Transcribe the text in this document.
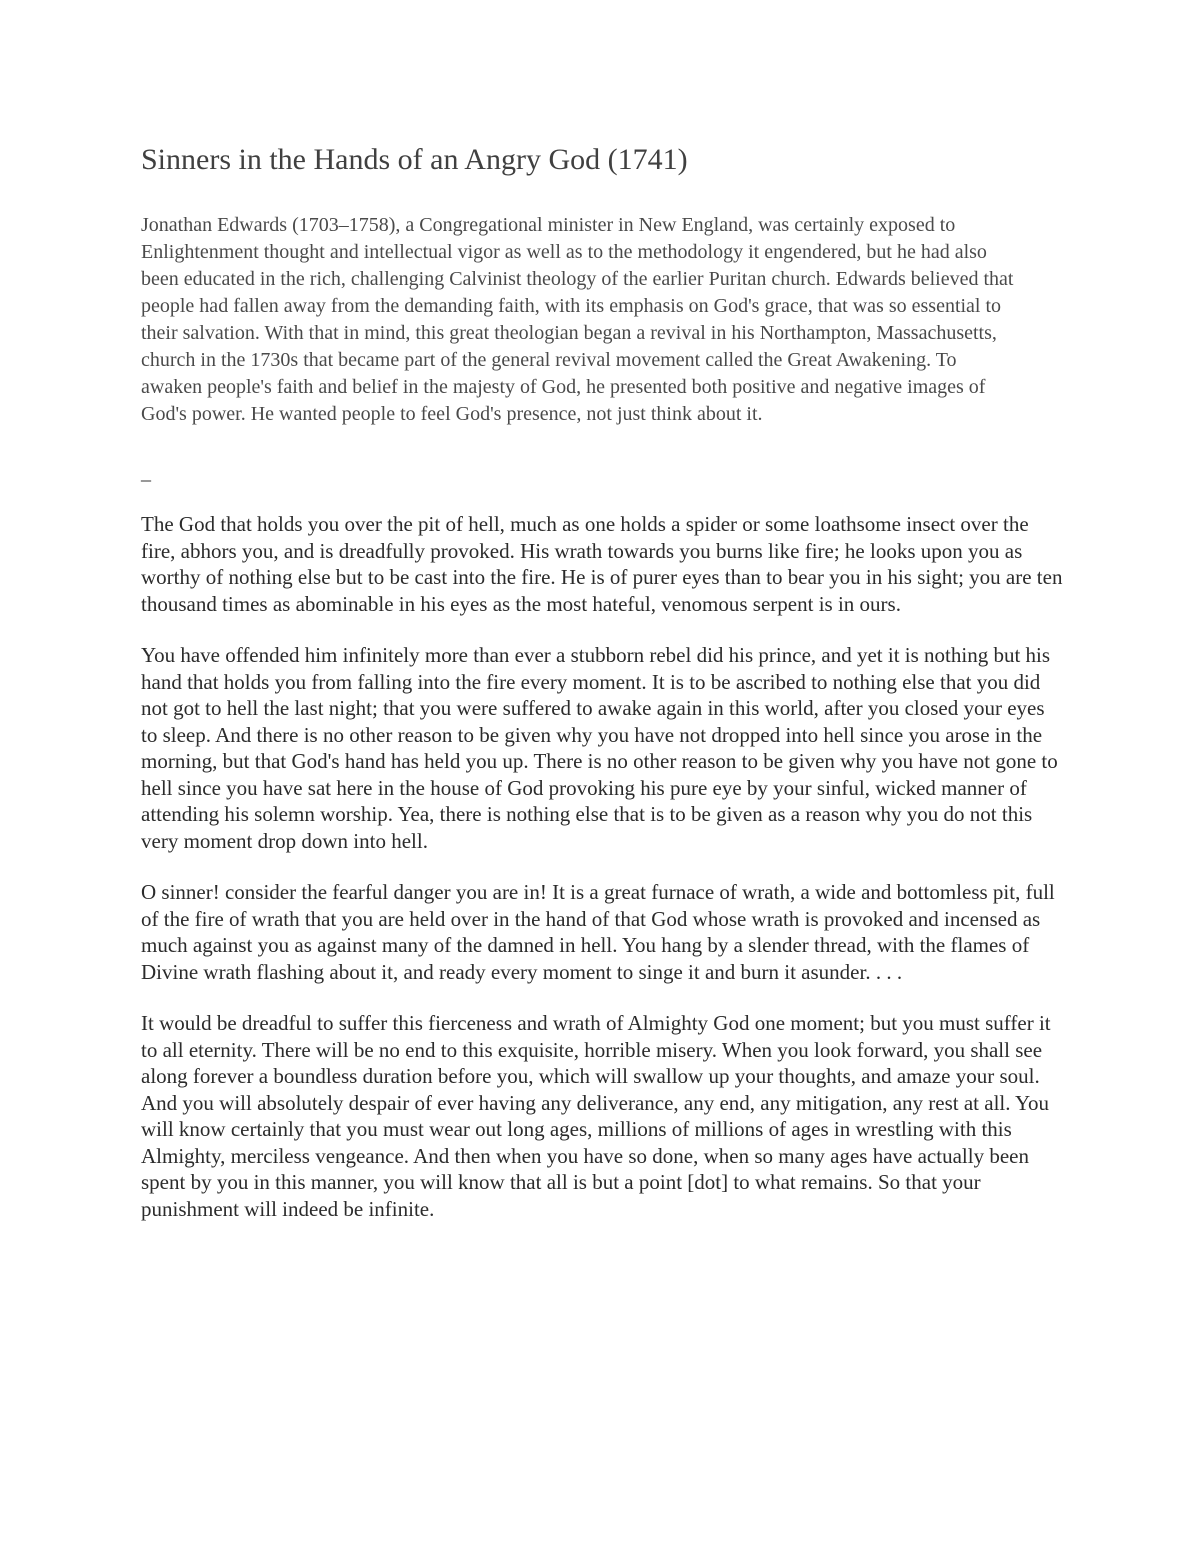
Sinners in the Hands of an Angry God (1741)

Jonathan Edwards (1703–1758), a Congregational minister in New England, was certainly exposed to Enlightenment thought and intellectual vigor as well as to the methodology it engendered, but he had also been educated in the rich, challenging Calvinist theology of the earlier Puritan church. Edwards believed that people had fallen away from the demanding faith, with its emphasis on God's grace, that was so essential to their salvation. With that in mind, this great theologian began a revival in his Northampton, Massachusetts, church in the 1730s that became part of the general revival movement called the Great Awakening. To awaken people's faith and belief in the majesty of God, he presented both positive and negative images of God's power. He wanted people to feel God's presence, not just think about it.

_

The God that holds you over the pit of hell, much as one holds a spider or some loathsome insect over the fire, abhors you, and is dreadfully provoked. His wrath towards you burns like fire; he looks upon you as worthy of nothing else but to be cast into the fire. He is of purer eyes than to bear you in his sight; you are ten thousand times as abominable in his eyes as the most hateful, venomous serpent is in ours.

You have offended him infinitely more than ever a stubborn rebel did his prince, and yet it is nothing but his hand that holds you from falling into the fire every moment. It is to be ascribed to nothing else that you did not got to hell the last night; that you were suffered to awake again in this world, after you closed your eyes to sleep. And there is no other reason to be given why you have not dropped into hell since you arose in the morning, but that God's hand has held you up. There is no other reason to be given why you have not gone to hell since you have sat here in the house of God provoking his pure eye by your sinful, wicked manner of attending his solemn worship. Yea, there is nothing else that is to be given as a reason why you do not this very moment drop down into hell.

O sinner! consider the fearful danger you are in! It is a great furnace of wrath, a wide and bottomless pit, full of the fire of wrath that you are held over in the hand of that God whose wrath is provoked and incensed as much against you as against many of the damned in hell. You hang by a slender thread, with the flames of Divine wrath flashing about it, and ready every moment to singe it and burn it asunder. . . .

It would be dreadful to suffer this fierceness and wrath of Almighty God one moment; but you must suffer it to all eternity. There will be no end to this exquisite, horrible misery. When you look forward, you shall see along forever a boundless duration before you, which will swallow up your thoughts, and amaze your soul. And you will absolutely despair of ever having any deliverance, any end, any mitigation, any rest at all. You will know certainly that you must wear out long ages, millions of millions of ages in wrestling with this Almighty, merciless vengeance. And then when you have so done, when so many ages have actually been spent by you in this manner, you will know that all is but a point [dot] to what remains. So that your punishment will indeed be infinite.
